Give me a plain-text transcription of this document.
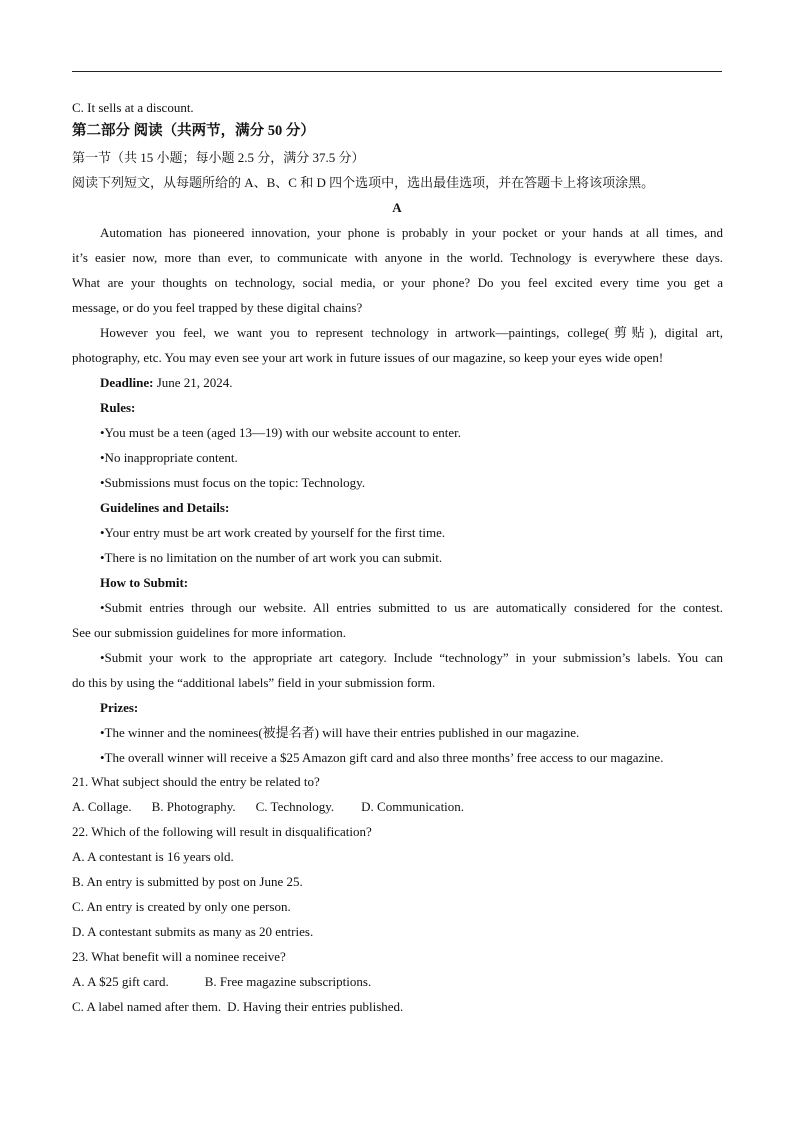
C. It sells at a discount.
第二部分 阅读（共两节，满分 50 分）
第一节（共 15 小题；每小题 2.5 分，满分 37.5 分）
阅读下列短文，从每题所给的 A、B、C 和 D 四个选项中，选出最佳选项，并在答题卡上将该项涂黑。
A
Automation has pioneered innovation, your phone is probably in your pocket or your hands at all times, and
it’s easier now, more than ever, to communicate with anyone in the world. Technology is everywhere these days.
What are your thoughts on technology, social media, or your phone? Do you feel excited every time you get a
message, or do you feel trapped by these digital chains?
However you feel, we want you to represent technology in artwork—paintings, college(剪贴), digital art,
photography, etc. You may even see your art work in future issues of our magazine, so keep your eyes wide open!
Deadline: June 21, 2024.
Rules:
•You must be a teen (aged 13—19) with our website account to enter.
•No inappropriate content.
•Submissions must focus on the topic: Technology.
Guidelines and Details:
•Your entry must be art work created by yourself for the first time.
•There is no limitation on the number of art work you can submit.
How to Submit:
•Submit entries through our website. All entries submitted to us are automatically considered for the contest.
See our submission guidelines for more information.
•Submit your work to the appropriate art category. Include “technology” in your submission’s labels. You can
do this by using the “additional labels” field in your submission form.
Prizes:
•The winner and the nominees(被提名者) will have their entries published in our magazine.
•The overall winner will receive a $25 Amazon gift card and also three months’ free access to our magazine.
21. What subject should the entry be related to?
A. Collage. B. Photography. C. Technology. D. Communication.
22. Which of the following will result in disqualification?
A. A contestant is 16 years old.
B. An entry is submitted by post on June 25.
C. An entry is created by only one person.
D. A contestant submits as many as 20 entries.
23. What benefit will a nominee receive?
A. A $25 gift card.	B. Free magazine subscriptions.
C. A label named after them. D. Having their entries published.
